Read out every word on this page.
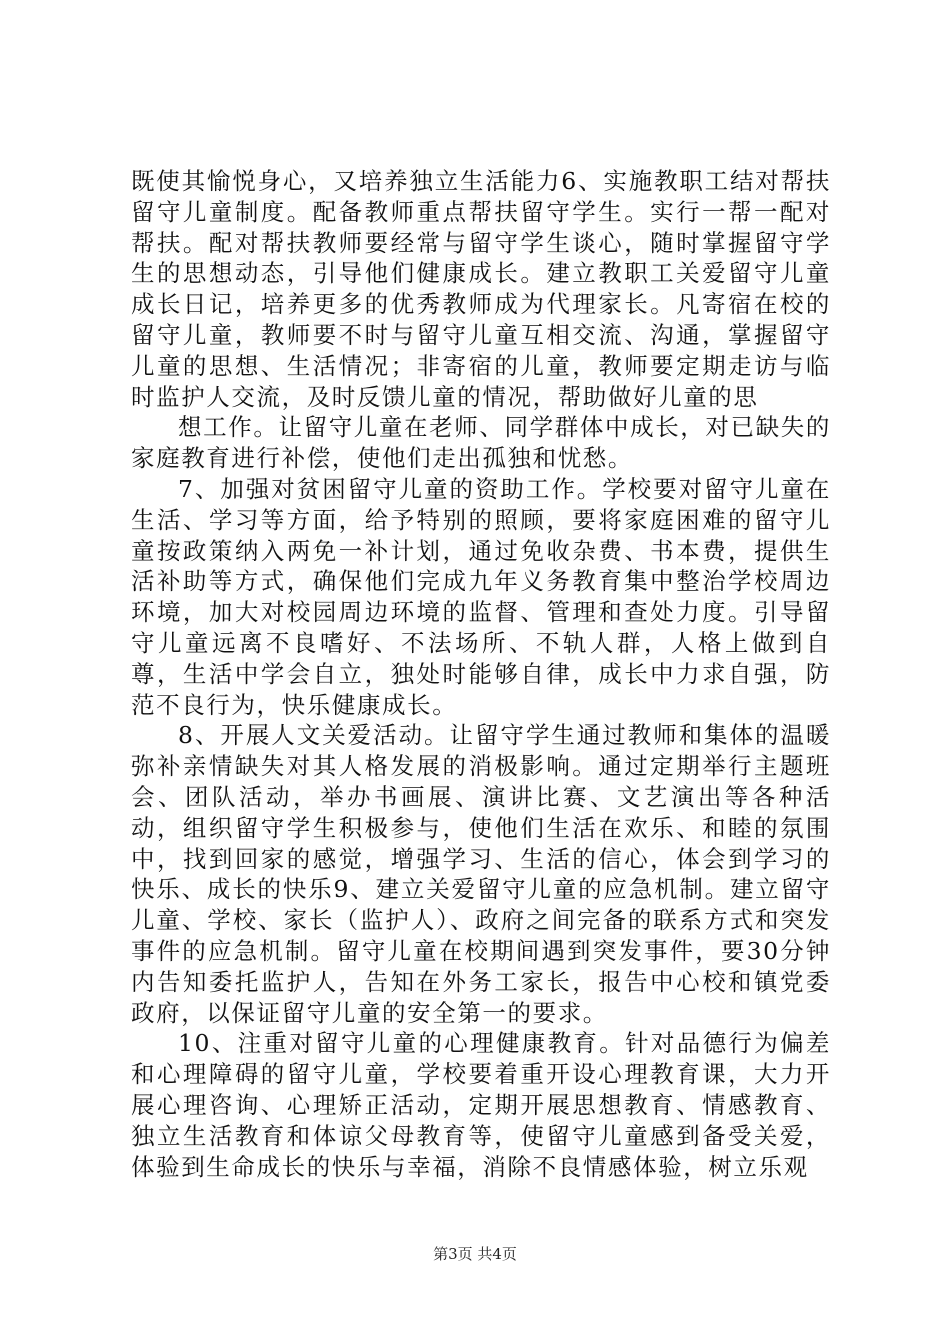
既使其愉悦身心，又培养独立生活能力6、实施教职工结对帮扶留守儿童制度。配备教师重点帮扶留守学生。实行一帮一配对帮扶。配对帮扶教师要经常与留守学生谈心，随时掌握留守学生的思想动态，引导他们健康成长。建立教职工关爱留守儿童成长日记，培养更多的优秀教师成为代理家长。凡寄宿在校的留守儿童，教师要不时与留守儿童互相交流、沟通，掌握留守儿童的思想、生活情况；非寄宿的儿童，教师要定期走访与临时监护人交流，及时反馈儿童的情况，帮助做好儿童的思

想工作。让留守儿童在老师、同学群体中成长，对已缺失的家庭教育进行补偿，使他们走出孤独和忧愁。

7、加强对贫困留守儿童的资助工作。学校要对留守儿童在生活、学习等方面，给予特别的照顾，要将家庭困难的留守儿童按政策纳入两免一补计划，通过免收杂费、书本费，提供生活补助等方式，确保他们完成九年义务教育集中整治学校周边环境，加大对校园周边环境的监督、管理和查处力度。引导留守儿童远离不良嗜好、不法场所、不轨人群，人格上做到自尊，生活中学会自立，独处时能够自律，成长中力求自强，防范不良行为，快乐健康成长。

8、开展人文关爱活动。让留守学生通过教师和集体的温暖弥补亲情缺失对其人格发展的消极影响。通过定期举行主题班会、团队活动，举办书画展、演讲比赛、文艺演出等各种活动，组织留守学生积极参与，使他们生活在欢乐、和睦的氛围中，找到回家的感觉，增强学习、生活的信心，体会到学习的快乐、成长的快乐9、建立关爱留守儿童的应急机制。建立留守儿童、学校、家长（监护人）、政府之间完备的联系方式和突发事件的应急机制。留守儿童在校期间遇到突发事件，要30分钟内告知委托监护人，告知在外务工家长，报告中心校和镇党委政府，以保证留守儿童的安全第一的要求。

10、注重对留守儿童的心理健康教育。针对品德行为偏差和心理障碍的留守儿童，学校要着重开设心理教育课，大力开展心理咨询、心理矫正活动，定期开展思想教育、情感教育、独立生活教育和体谅父母教育等，使留守儿童感到备受关爱，体验到生命成长的快乐与幸福，消除不良情感体验，树立乐观

第3页 共4页
